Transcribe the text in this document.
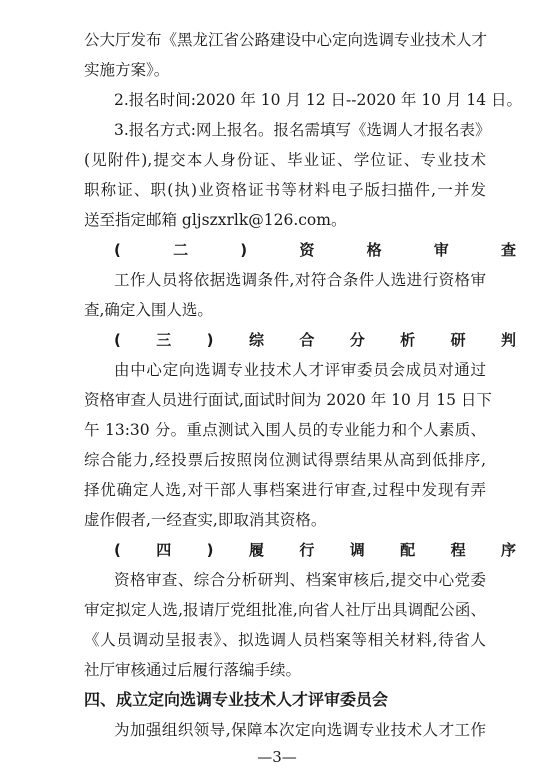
公大厅发布《黑龙江省公路建设中心定向选调专业技术人才
实施方案》。
2.报名时间:2020 年 10 月 12 日--2020 年 10 月 14 日。
3.报名方式:网上报名。报名需填写《选调人才报名表》
(见附件),提交本人身份证、毕业证、学位证、专业技术
职称证、职(执)业资格证书等材料电子版扫描件,一并发
送至指定邮箱 gljszxrlk@126.com。
(二)资格审查
工作人员将依据选调条件,对符合条件人选进行资格审
查,确定入围人选。
(三)综合分析研判
由中心定向选调专业技术人才评审委员会成员对通过
资格审查人员进行面试,面试时间为 2020 年 10 月 15 日下
午 13:30 分。重点测试入围人员的专业能力和个人素质、
综合能力,经投票后按照岗位测试得票结果从高到低排序,
择优确定人选,对干部人事档案进行审查,过程中发现有弄
虚作假者,一经查实,即取消其资格。
(四)履行调配程序
资格审查、综合分析研判、档案审核后,提交中心党委
审定拟定人选,报请厅党组批准,向省人社厅出具调配公函、
《人员调动呈报表》、拟选调人员档案等相关材料,待省人
—3—
社厅审核通过后履行落编手续。
四、成立定向选调专业技术人才评审委员会
为加强组织领导,保障本次定向选调专业技术人才工作
